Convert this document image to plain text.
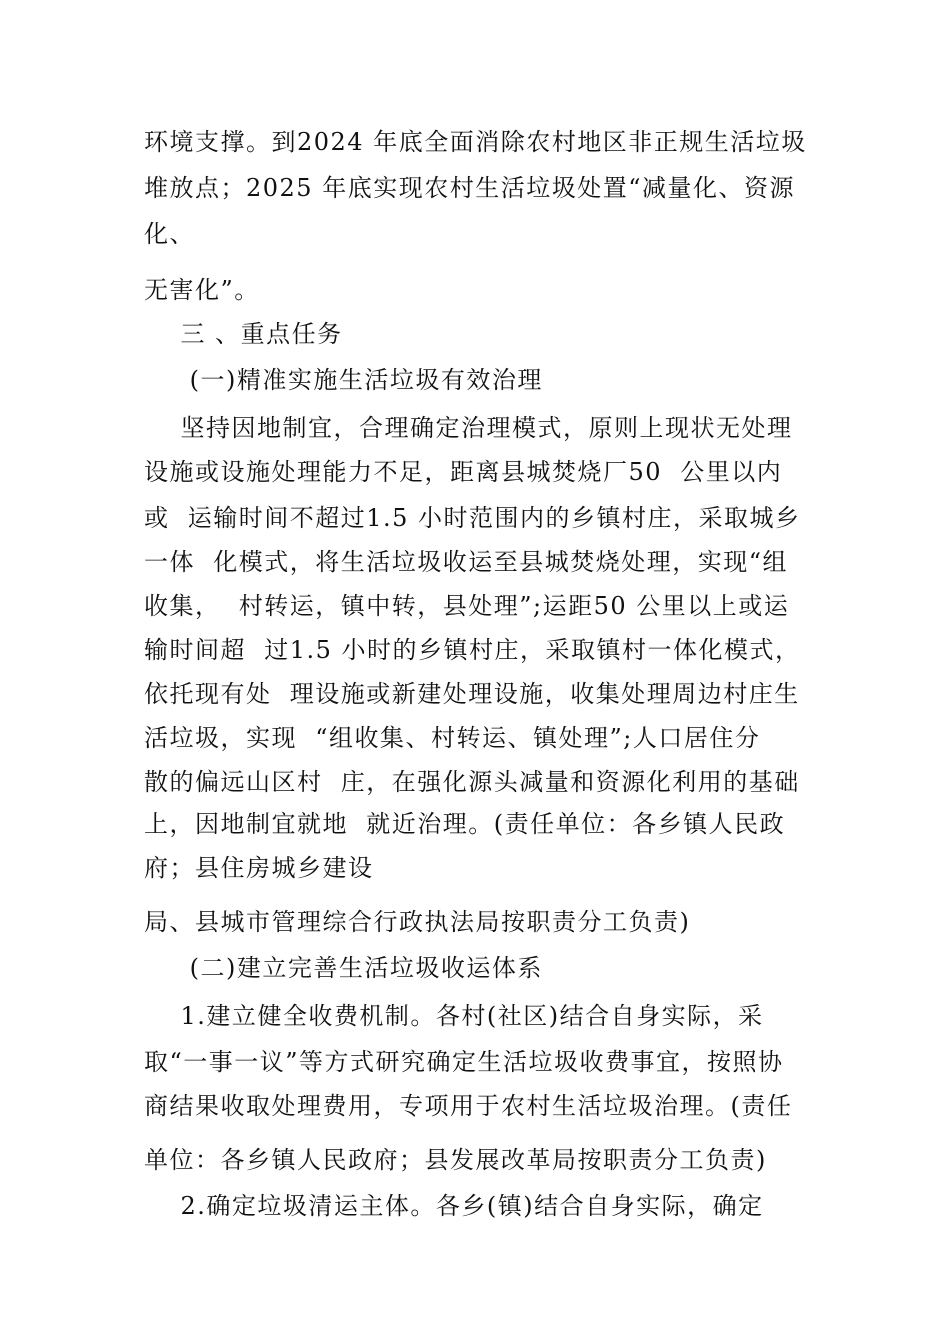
环境支撑。到2024 年底全面消除农村地区非正规生活垃圾
堆放点；2025 年底实现农村生活垃圾处置“减量化、资源
化、
无害化”。
三 、重点任务
(一)精准实施生活垃圾有效治理
坚持因地制宜，合理确定治理模式，原则上现状无处理
设施或设施处理能力不足，距离县城焚烧厂50  公里以内
或  运输时间不超过1.5 小时范围内的乡镇村庄，采取城乡
一体  化模式，将生活垃圾收运至县城焚烧处理，实现“组
收集，  村转运，镇中转，县处理”;运距50 公里以上或运
输时间超  过1.5 小时的乡镇村庄，采取镇村一体化模式，
依托现有处  理设施或新建处理设施，收集处理周边村庄生
活垃圾，实现  “组收集、村转运、镇处理”;人口居住分
散的偏远山区村  庄，在强化源头减量和资源化利用的基础
上，因地制宜就地  就近治理。(责任单位：各乡镇人民政
府；县住房城乡建设
局、县城市管理综合行政执法局按职责分工负责)
(二)建立完善生活垃圾收运体系
1.建立健全收费机制。各村(社区)结合自身实际，采
取“一事一议”等方式研究确定生活垃圾收费事宜，按照协
商结果收取处理费用，专项用于农村生活垃圾治理。(责任
单位：各乡镇人民政府；县发展改革局按职责分工负责)
2.确定垃圾清运主体。各乡(镇)结合自身实际，确定
